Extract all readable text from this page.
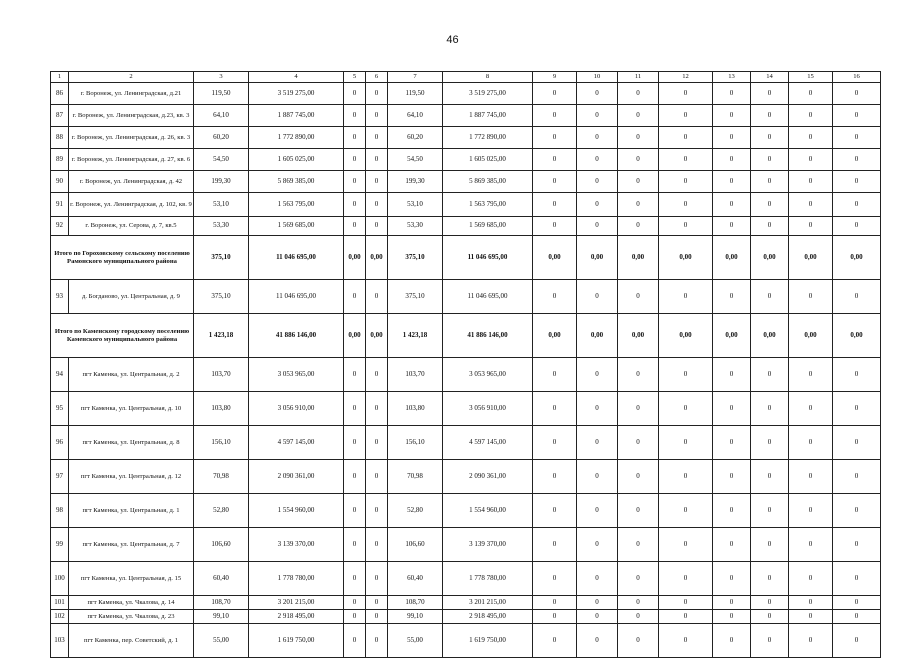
46
1	2	3	4	5	6	7	8	9	10	11	12	13	14	15	16
86	г. Воронеж, ул. Ленинградская, д.21	119,50	3 519 275,00	0	0	119,50	3 519 275,00	0	0	0	0	0	0	0	0
87	г. Воронеж, ул. Ленинградская, д.23, кв. 3	64,10	1 887 745,00	0	0	64,10	1 887 745,00	0	0	0	0	0	0	0	0
88	г. Воронеж, ул. Ленинградская, д. 26, кв. 3	60,20	1 772 890,00	0	0	60,20	1 772 890,00	0	0	0	0	0	0	0	0
89	г. Воронеж, ул. Ленинградская, д. 27, кв. 6	54,50	1 605 025,00	0	0	54,50	1 605 025,00	0	0	0	0	0	0	0	0
90	г. Воронеж, ул. Ленинградская, д. 42	199,30	5 869 385,00	0	0	199,30	5 869 385,00	0	0	0	0	0	0	0	0
91	г. Воронеж, ул. Ленинградская, д. 102, кв. 9	53,10	1 563 795,00	0	0	53,10	1 563 795,00	0	0	0	0	0	0	0	0
92	г. Воронеж, ул. Серова, д. 7, кв.5	53,30	1 569 685,00	0	0	53,30	1 569 685,00	0	0	0	0	0	0	0	0
Итого по Гороховскому сельскому поселению Рамонского муниципального района		375,10	11 046 695,00	0,00	0,00	375,10	11 046 695,00	0,00	0,00	0,00	0,00	0,00	0,00	0,00	0,00
93	д. Богданово, ул. Центральная, д. 9	375,10	11 046 695,00	0	0	375,10	11 046 695,00	0	0	0	0	0	0	0	0
Итого по Каменскому городскому поселению Каменского муниципального района		1 423,18	41 886 146,00	0,00	0,00	1 423,18	41 886 146,00	0,00	0,00	0,00	0,00	0,00	0,00	0,00	0,00
94	пгт Каменка, ул. Центральная, д. 2	103,70	3 053 965,00	0	0	103,70	3 053 965,00	0	0	0	0	0	0	0	0
95	пгт Каменка, ул. Центральная, д. 10	103,80	3 056 910,00	0	0	103,80	3 056 910,00	0	0	0	0	0	0	0	0
96	пгт Каменка, ул. Центральная, д. 8	156,10	4 597 145,00	0	0	156,10	4 597 145,00	0	0	0	0	0	0	0	0
97	пгт Каменка, ул. Центральная, д. 12	70,98	2 090 361,00	0	0	70,98	2 090 361,00	0	0	0	0	0	0	0	0
98	пгт Каменка, ул. Центральная, д. 1	52,80	1 554 960,00	0	0	52,80	1 554 960,00	0	0	0	0	0	0	0	0
99	пгт Каменка, ул. Центральная, д. 7	106,60	3 139 370,00	0	0	106,60	3 139 370,00	0	0	0	0	0	0	0	0
100	пгт Каменка, ул. Центральная, д. 15	60,40	1 778 780,00	0	0	60,40	1 778 780,00	0	0	0	0	0	0	0	0
101	пгт Каменка, ул. Чкалова, д. 14	108,70	3 201 215,00	0	0	108,70	3 201 215,00	0	0	0	0	0	0	0	0
102	пгт Каменка, ул. Чкалова, д. 23	99,10	2 918 495,00	0	0	99,10	2 918 495,00	0	0	0	0	0	0	0	0
103	пгт Каменка, пер. Советский, д. 1	55,00	1 619 750,00	0	0	55,00	1 619 750,00	0	0	0	0	0	0	0	0
